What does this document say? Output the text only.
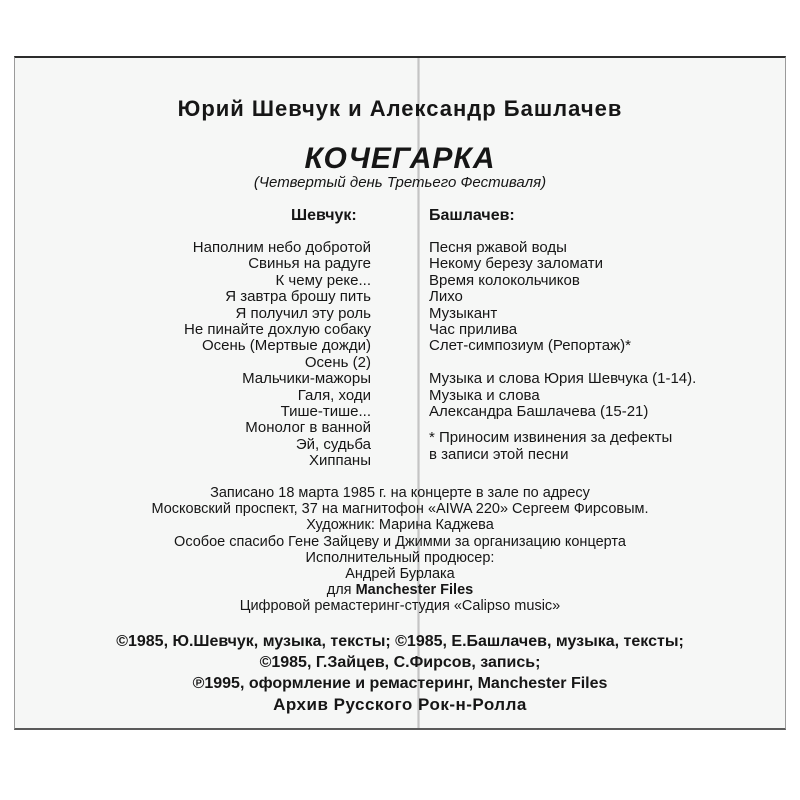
Юрий Шевчук и Александр Башлачев
КОЧЕГАРКА
(Четвертый день Третьего Фестиваля)
Шевчук:	Башлачев:
Наполним небо добротой
Свинья на радуге
К чему реке...
Я завтра брошу пить
Я получил эту роль
Не пинайте дохлую собаку
Осень (Мертвые дожди)
Осень (2)
Мальчики-мажоры
Галя, ходи
Тише-тише...
Монолог в ванной
Эй, судьба
Хиппаны
Песня ржавой воды
Некому березу заломати
Время колокольчиков
Лихо
Музыкант
Час прилива
Слет-симпозиум (Репортаж)*
Музыка и слова Юрия Шевчука (1-14).
Музыка и слова
Александра Башлачева (15-21)
* Приносим извинения за дефекты
в записи этой песни
Записано 18 марта 1985 г. на концерте в зале по адресу
Московский проспект, 37 на магнитофон «AIWA 220» Сергеем Фирсовым.
Художник: Марина Каджева
Особое спасибо Гене Зайцеву и Джимми за организацию концерта
Исполнительный продюсер:
Андрей Бурлака
для Manchester Files
Цифровой ремастеринг-студия «Calipso music»
©1985, Ю.Шевчук, музыка, тексты; ©1985, Е.Башлачев, музыка, тексты;
©1985, Г.Зайцев, С.Фирсов, запись;
℗1995, оформление и ремастеринг, Manchester Files
Архив Русского Рок-н-Ролла
